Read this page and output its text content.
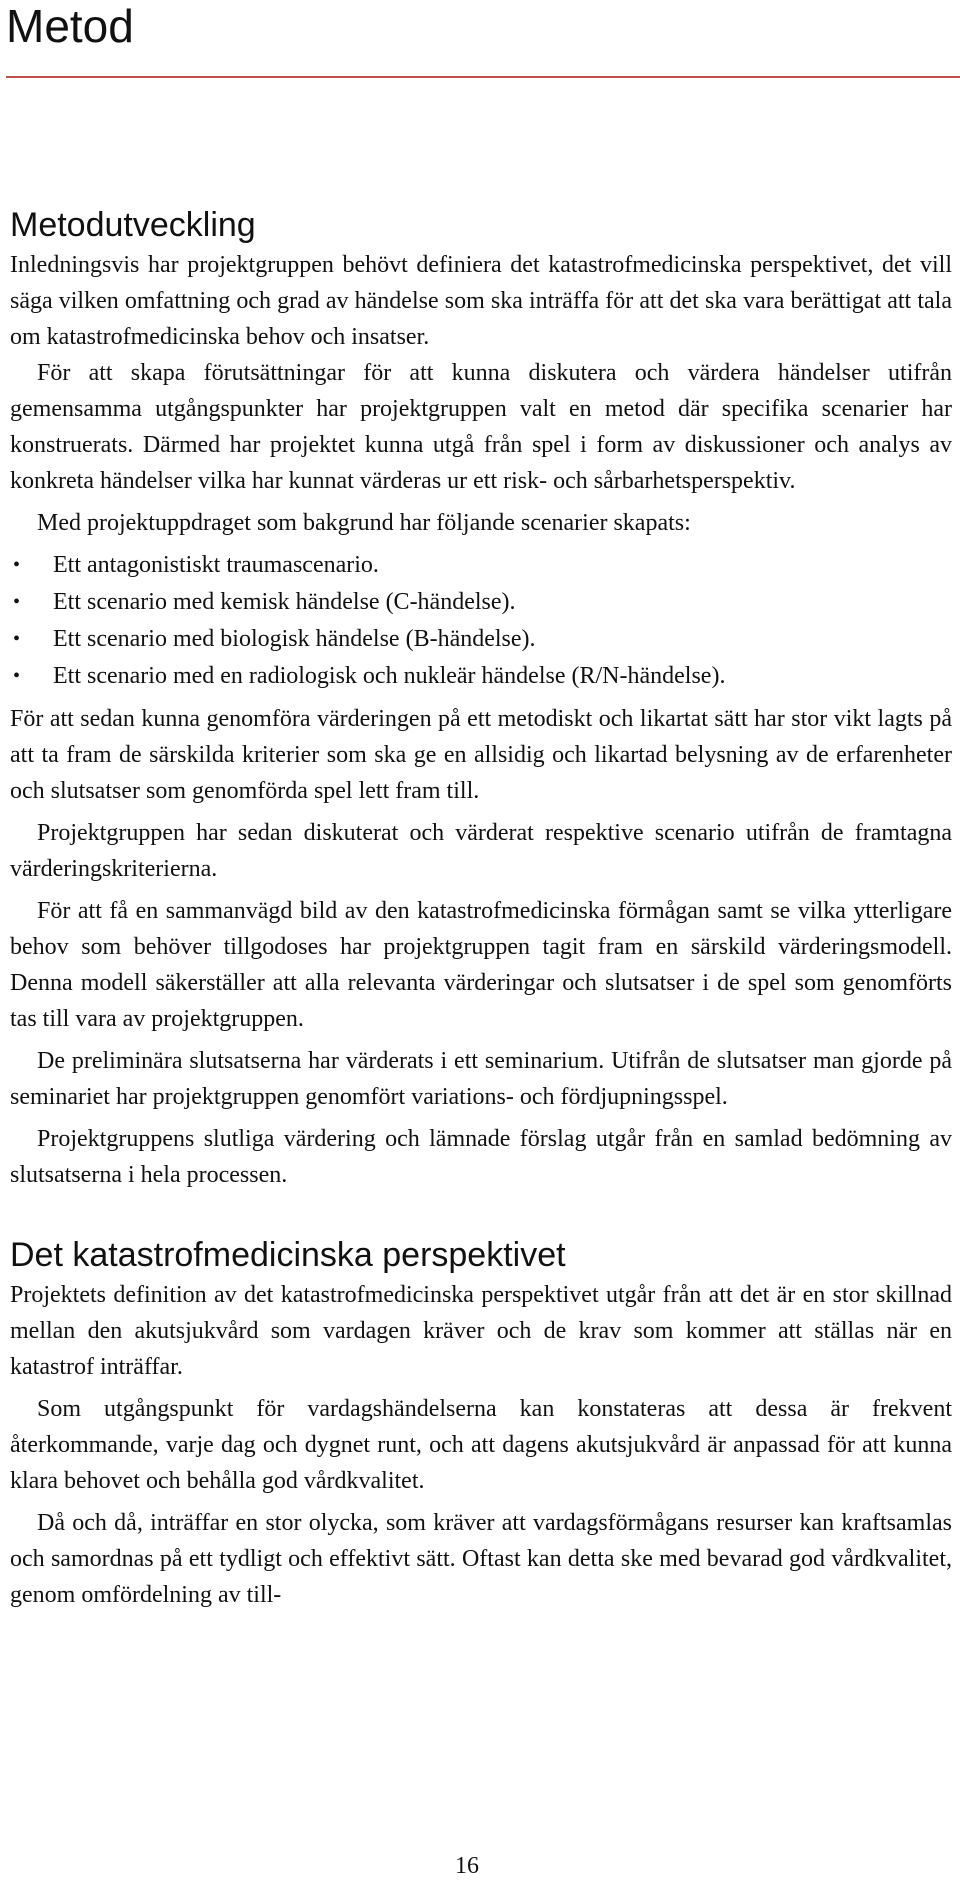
Metod
Metodutveckling

Inledningsvis har projektgruppen behövt definiera det katastrofmedicinska perspektivet, det vill säga vilken omfattning och grad av händelse som ska inträffa för att det ska vara berättigat att tala om katastrofmedicinska behov och insatser.

För att skapa förutsättningar för att kunna diskutera och värdera händelser utifrån gemensamma utgångspunkter har projektgruppen valt en metod där specifika scenarier har konstruerats. Därmed har projektet kunna utgå från spel i form av diskussioner och analys av konkreta händelser vilka har kunnat värderas ur ett risk- och sårbarhetsperspektiv.

Med projektuppdraget som bakgrund har följande scenarier skapats:

• Ett antagonistiskt traumascenario.
• Ett scenario med kemisk händelse (C-händelse).
• Ett scenario med biologisk händelse (B-händelse).
• Ett scenario med en radiologisk och nukleär händelse (R/N-händelse).

För att sedan kunna genomföra värderingen på ett metodiskt och likartat sätt har stor vikt lagts på att ta fram de särskilda kriterier som ska ge en allsidig och likartad belysning av de erfarenheter och slutsatser som genomförda spel lett fram till.

Projektgruppen har sedan diskuterat och värderat respektive scenario utifrån de framtagna värderingskriterierna.

För att få en sammanvägd bild av den katastrofmedicinska förmågan samt se vilka ytterligare behov som behöver tillgodoses har projektgruppen tagit fram en särskild värderingsmodell. Denna modell säkerställer att alla relevanta värderingar och slutsatser i de spel som genomförts tas till vara av projektgruppen.

De preliminära slutsatserna har värderats i ett seminarium. Utifrån de slutsatser man gjorde på seminariet har projektgruppen genomfört variations- och fördjupningsspel.

Projektgruppens slutliga värdering och lämnade förslag utgår från en samlad bedömning av slutsatserna i hela processen.

Det katastrofmedicinska perspektivet

Projektets definition av det katastrofmedicinska perspektivet utgår från att det är en stor skillnad mellan den akutsjukvård som vardagen kräver och de krav som kommer att ställas när en katastrof inträffar.

Som utgångspunkt för vardagshändelserna kan konstateras att dessa är frekvent återkommande, varje dag och dygnet runt, och att dagens akutsjukvård är anpassad för att kunna klara behovet och behålla god vårdkvalitet.

Då och då, inträffar en stor olycka, som kräver att vardagsförmågans resurser kan kraftsamlas och samordnas på ett tydligt och effektivt sätt. Oftast kan detta ske med bevarad god vårdkvalitet, genom omfördelning av till-

16
